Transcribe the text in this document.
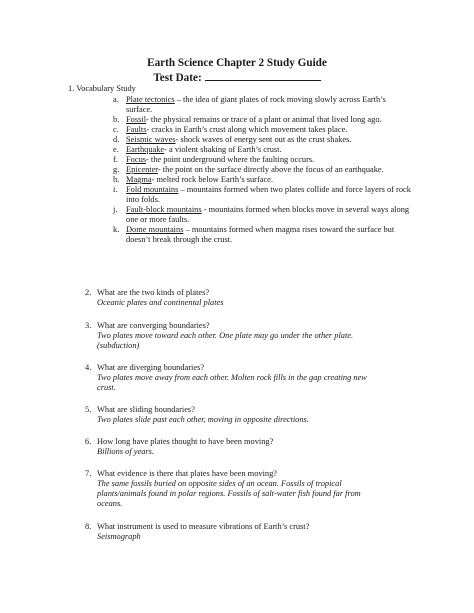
Earth Science Chapter 2 Study Guide
Test Date:
1. Vocabulary Study
a. Plate tectonics – the idea of giant plates of rock moving slowly across Earth’s surface.
b. Fossil- the physical remains or trace of a plant or animal that lived long ago.
c. Faults- cracks in Earth’s crust along which movement takes place.
d. Seismic waves- shock waves of energy sent out as the crust shakes.
e. Earthquake- a violent shaking of Earth’s crust.
f. Focus- the point underground where the faulting occurs.
g. Epicenter- the point on the surface directly above the focus of an earthquake.
h. Magma- melted rock below Earth’s surface.
i. Fold mountains – mountains formed when two plates collide and force layers of rock into folds.
j. Fault-block mountains - mountains formed when blocks move in several ways along one or more faults.
k. Dome mountains – mountains formed when magma rises toward the surface but doesn’t break through the crust.
2. What are the two kinds of plates?
Oceanic plates and continental plates
3. What are converging boundaries?
Two plates move toward each other. One plate may go under the other plate. (subduction)
4. What are diverging boundaries?
Two plates move away from each other. Molten rock fills in the gap creating new crust.
5. What are sliding boundaries?
Two plates slide past each other, moving in opposite directions.
6. How long have plates thought to have been moving?
Billions of years.
7. What evidence is there that plates have been moving?
The same fossils buried on opposite sides of an ocean. Fossils of tropical plants/animals found in polar regions. Fossils of salt-water fish found far from oceans.
8. What instrument is used to measure vibrations of Earth’s crust?
Seismograph
